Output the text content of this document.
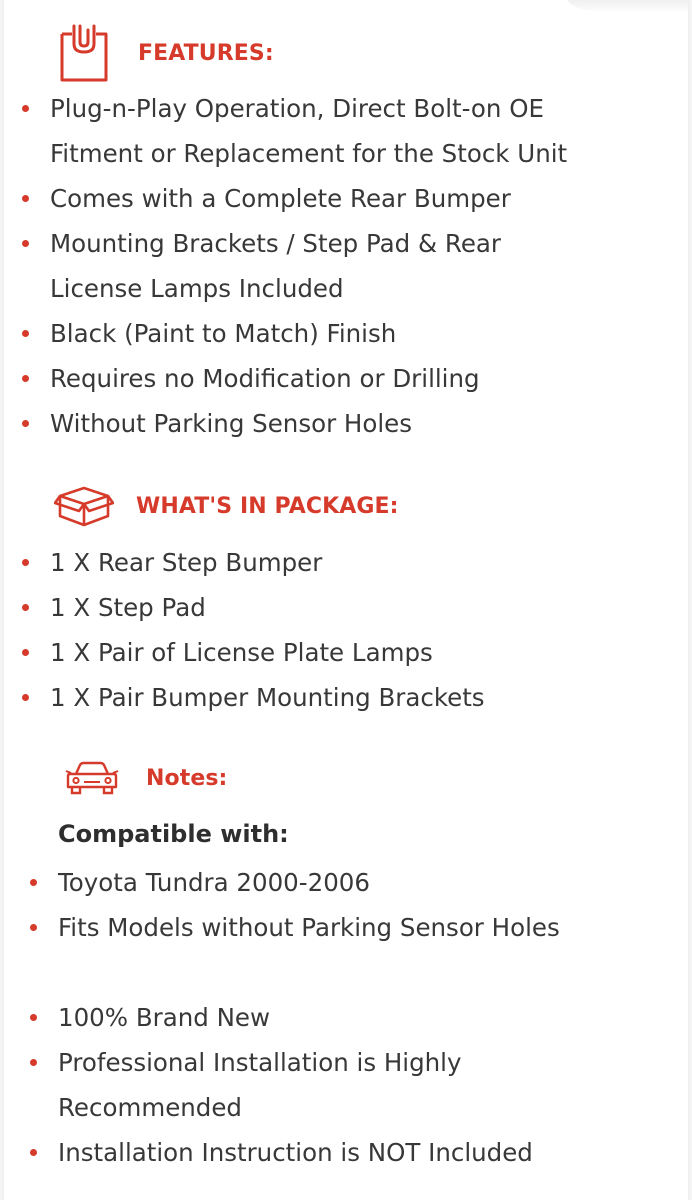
FEATURES:
Plug-n-Play Operation, Direct Bolt-on OE
Fitment or Replacement for the Stock Unit
Comes with a Complete Rear Bumper
Mounting Brackets / Step Pad & Rear
License Lamps Included
Black (Paint to Match) Finish
Requires no Modification or Drilling
Without Parking Sensor Holes
WHAT'S IN PACKAGE:
1 X Rear Step Bumper
1 X Step Pad
1 X Pair of License Plate Lamps
1 X Pair Bumper Mounting Brackets
Notes:
Compatible with:
Toyota Tundra 2000-2006
Fits Models without Parking Sensor Holes
100% Brand New
Professional Installation is Highly
Recommended
Installation Instruction is NOT Included
